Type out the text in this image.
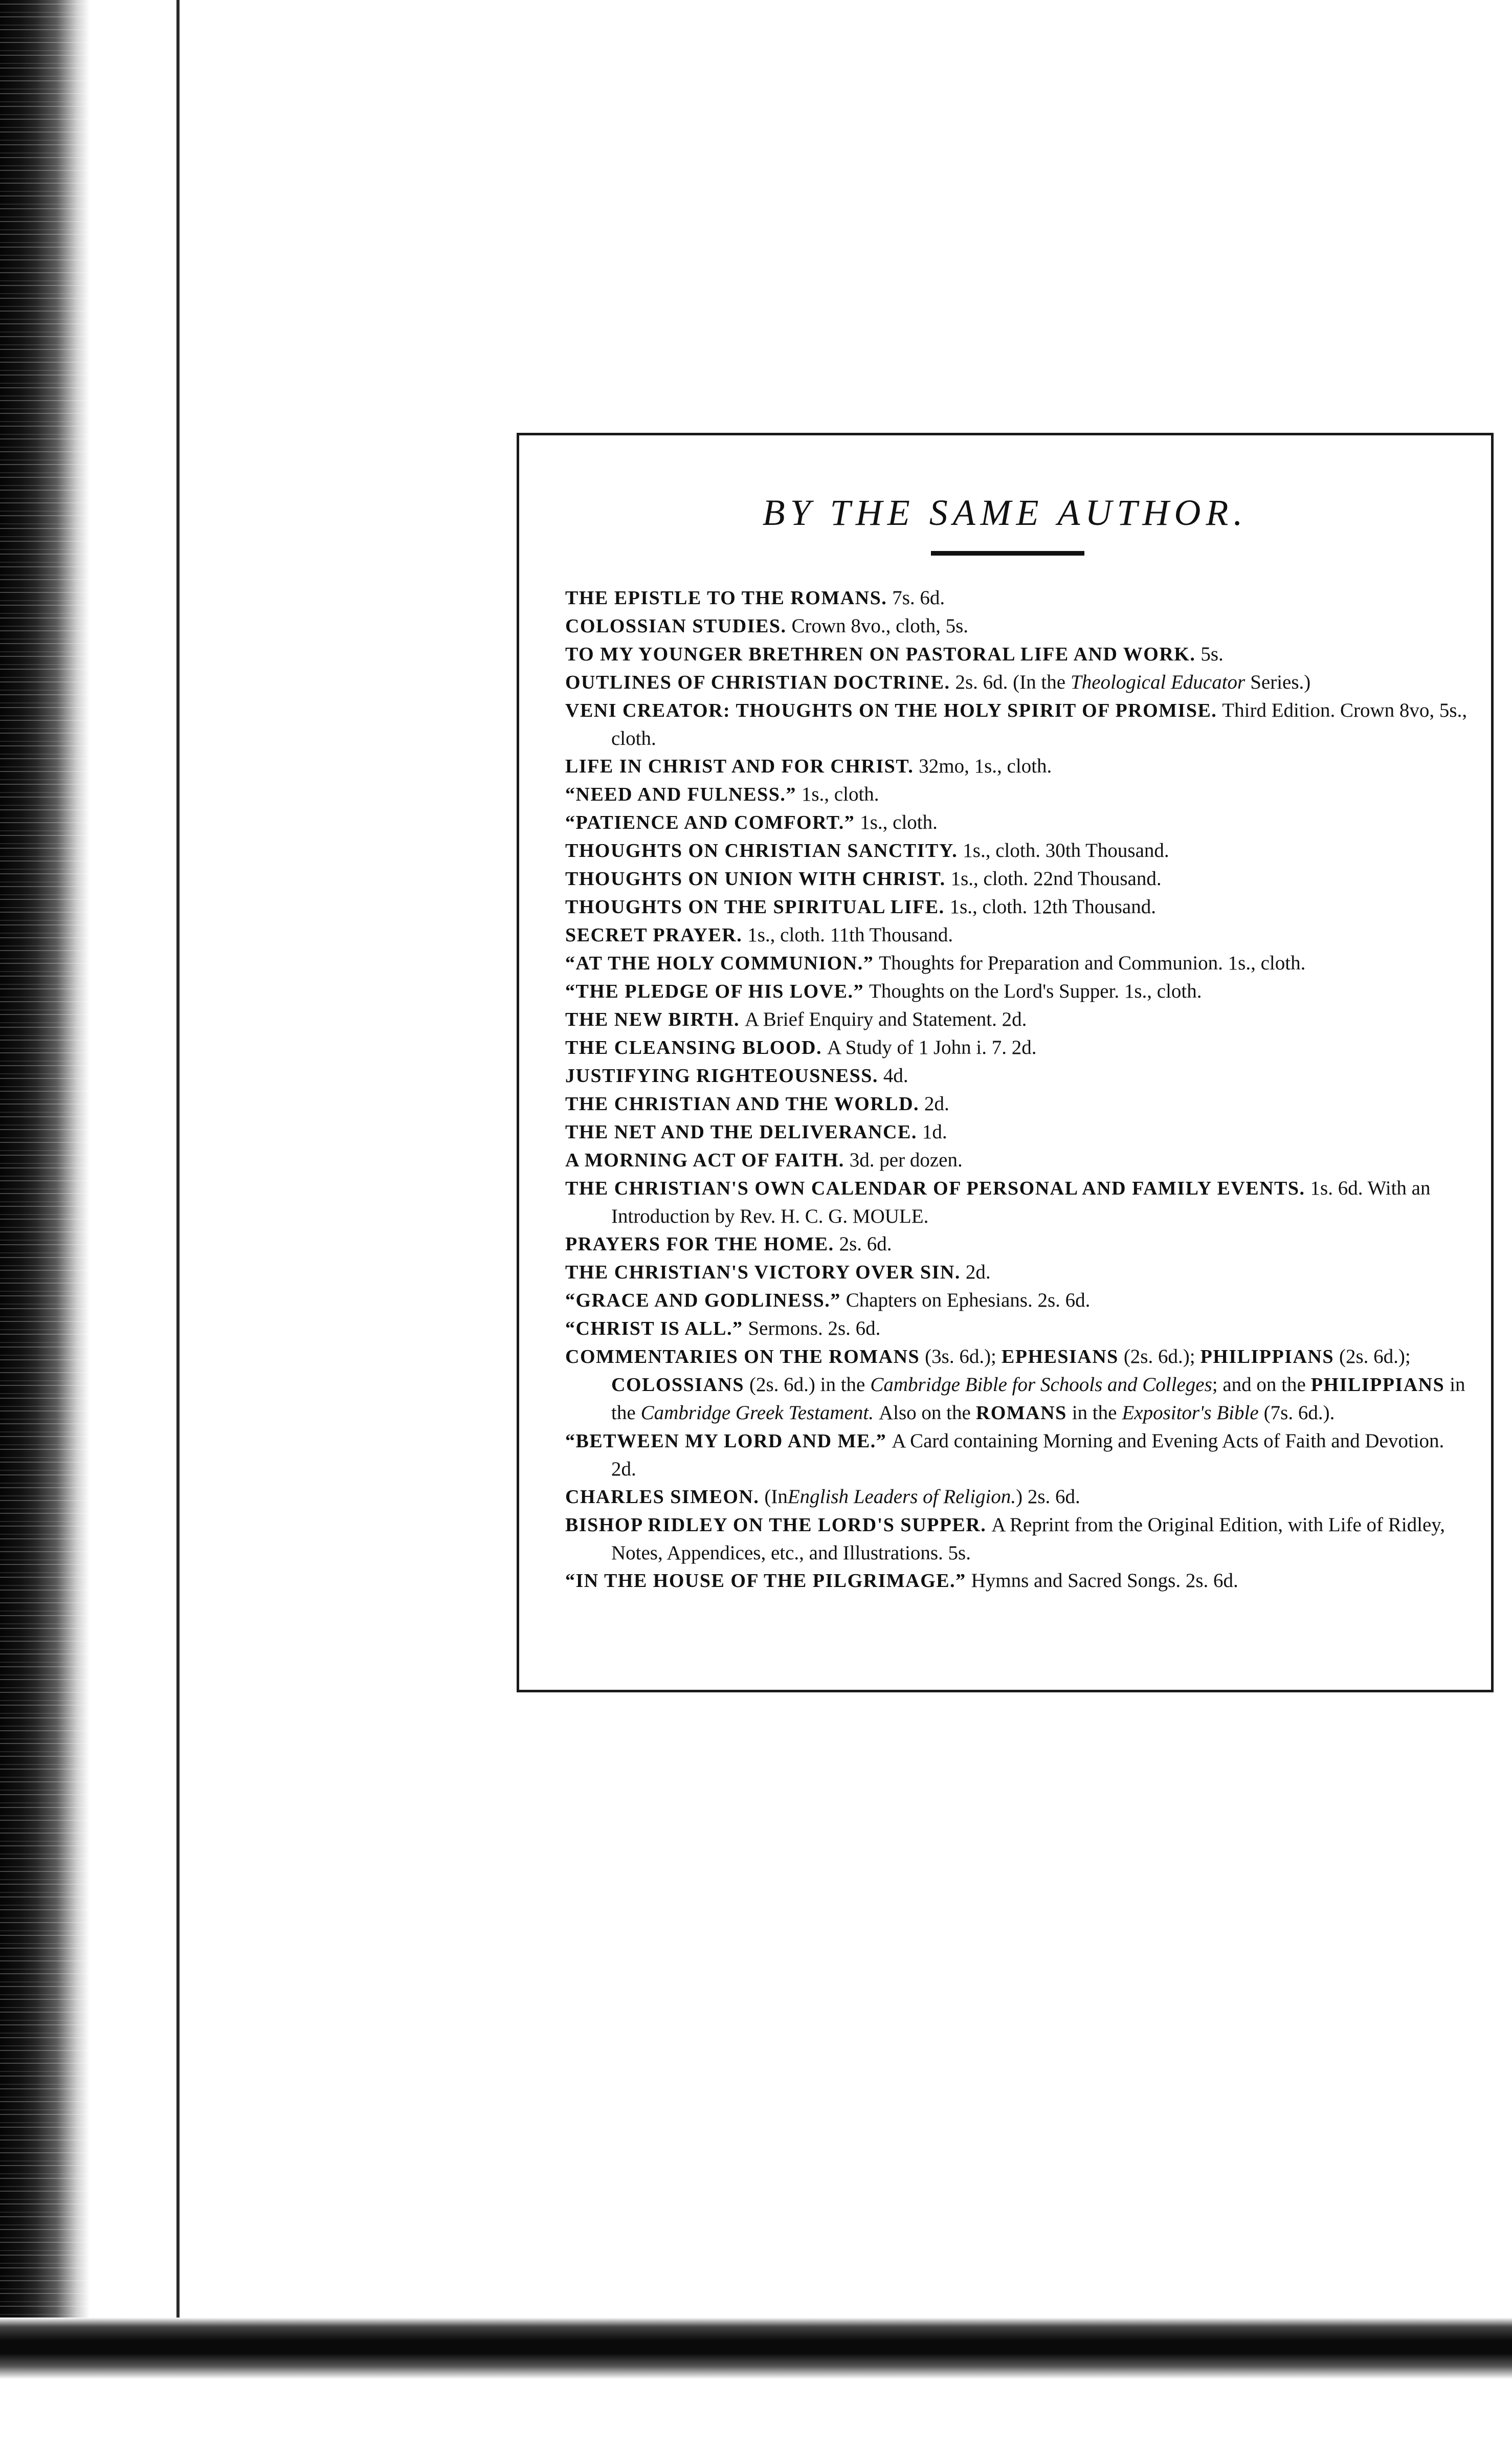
BY THE SAME AUTHOR.
THE EPISTLE TO THE ROMANS. 7s. 6d.
COLOSSIAN STUDIES. Crown 8vo., cloth, 5s.
TO MY YOUNGER BRETHREN ON PASTORAL LIFE AND WORK. 5s.
OUTLINES OF CHRISTIAN DOCTRINE. 2s. 6d. (In the Theological Educator Series.)
VENI CREATOR: THOUGHTS ON THE HOLY SPIRIT OF PROMISE. Third Edition. Crown 8vo, 5s., cloth.
LIFE IN CHRIST AND FOR CHRIST. 32mo, 1s., cloth.
“NEED AND FULNESS.” 1s., cloth.
“PATIENCE AND COMFORT.” 1s., cloth.
THOUGHTS ON CHRISTIAN SANCTITY. 1s., cloth. 30th Thousand.
THOUGHTS ON UNION WITH CHRIST. 1s., cloth. 22nd Thousand.
THOUGHTS ON THE SPIRITUAL LIFE. 1s., cloth. 12th Thousand.
SECRET PRAYER. 1s., cloth. 11th Thousand.
“AT THE HOLY COMMUNION.” Thoughts for Preparation and Communion. 1s., cloth.
“THE PLEDGE OF HIS LOVE.” Thoughts on the Lord's Supper. 1s., cloth.
THE NEW BIRTH. A Brief Enquiry and Statement. 2d.
THE CLEANSING BLOOD. A Study of 1 John i. 7. 2d.
JUSTIFYING RIGHTEOUSNESS. 4d.
THE CHRISTIAN AND THE WORLD. 2d.
THE NET AND THE DELIVERANCE. 1d.
A MORNING ACT OF FAITH. 3d. per dozen.
THE CHRISTIAN'S OWN CALENDAR OF PERSONAL AND FAMILY EVENTS. 1s. 6d. With an Introduction by Rev. H. C. G. MOULE.
PRAYERS FOR THE HOME. 2s. 6d.
THE CHRISTIAN'S VICTORY OVER SIN. 2d.
“GRACE AND GODLINESS.” Chapters on Ephesians. 2s. 6d.
“CHRIST IS ALL.” Sermons. 2s. 6d.
COMMENTARIES ON THE ROMANS (3s. 6d.); EPHESIANS (2s. 6d.); PHILIPPIANS (2s. 6d.); COLOSSIANS (2s. 6d.) in the Cambridge Bible for Schools and Colleges; and on the PHILIPPIANS in the Cambridge Greek Testament. Also on the ROMANS in the Expositor's Bible (7s. 6d.).
“BETWEEN MY LORD AND ME.” A Card containing Morning and Evening Acts of Faith and Devotion. 2d.
CHARLES SIMEON. (InEnglish Leaders of Religion.) 2s. 6d.
BISHOP RIDLEY ON THE LORD'S SUPPER. A Reprint from the Original Edition, with Life of Ridley, Notes, Appendices, etc., and Illustrations. 5s.
“IN THE HOUSE OF THE PILGRIMAGE.” Hymns and Sacred Songs. 2s. 6d.
